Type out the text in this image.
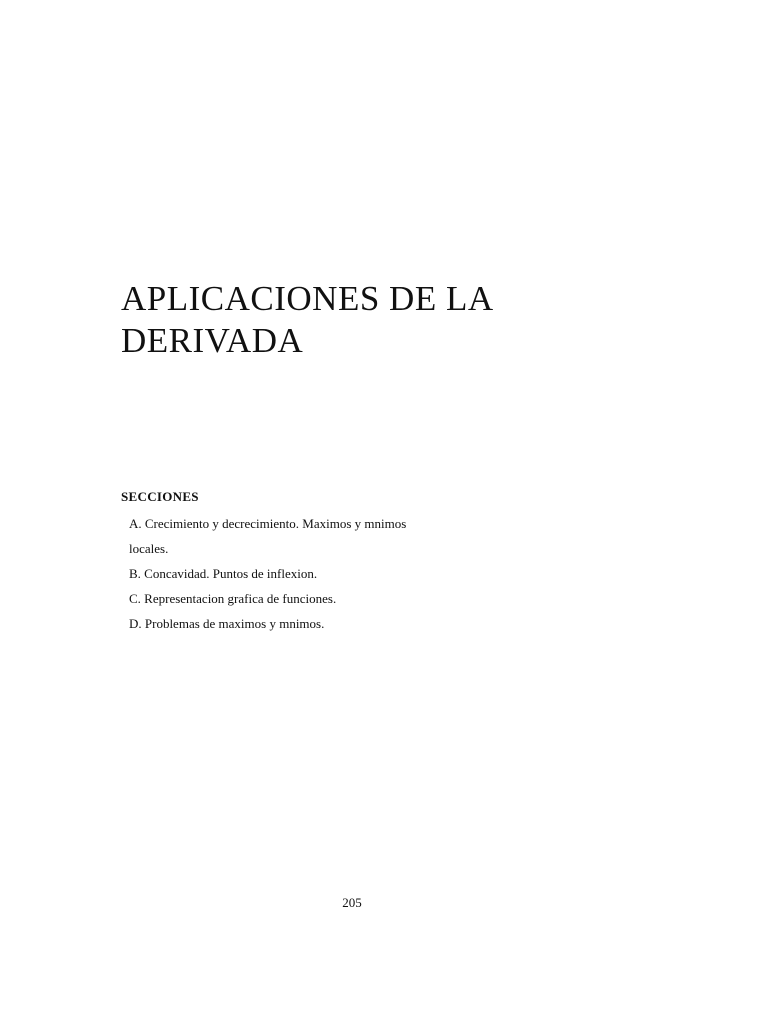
APLICACIONES DE LA
DERIVADA
SECCIONES
A. Crecimiento y decrecimiento. Maximos y mnimos
locales.
B. Concavidad. Puntos de inflexion.
C. Representacion grafica de funciones.
D. Problemas de maximos y mnimos.
205
